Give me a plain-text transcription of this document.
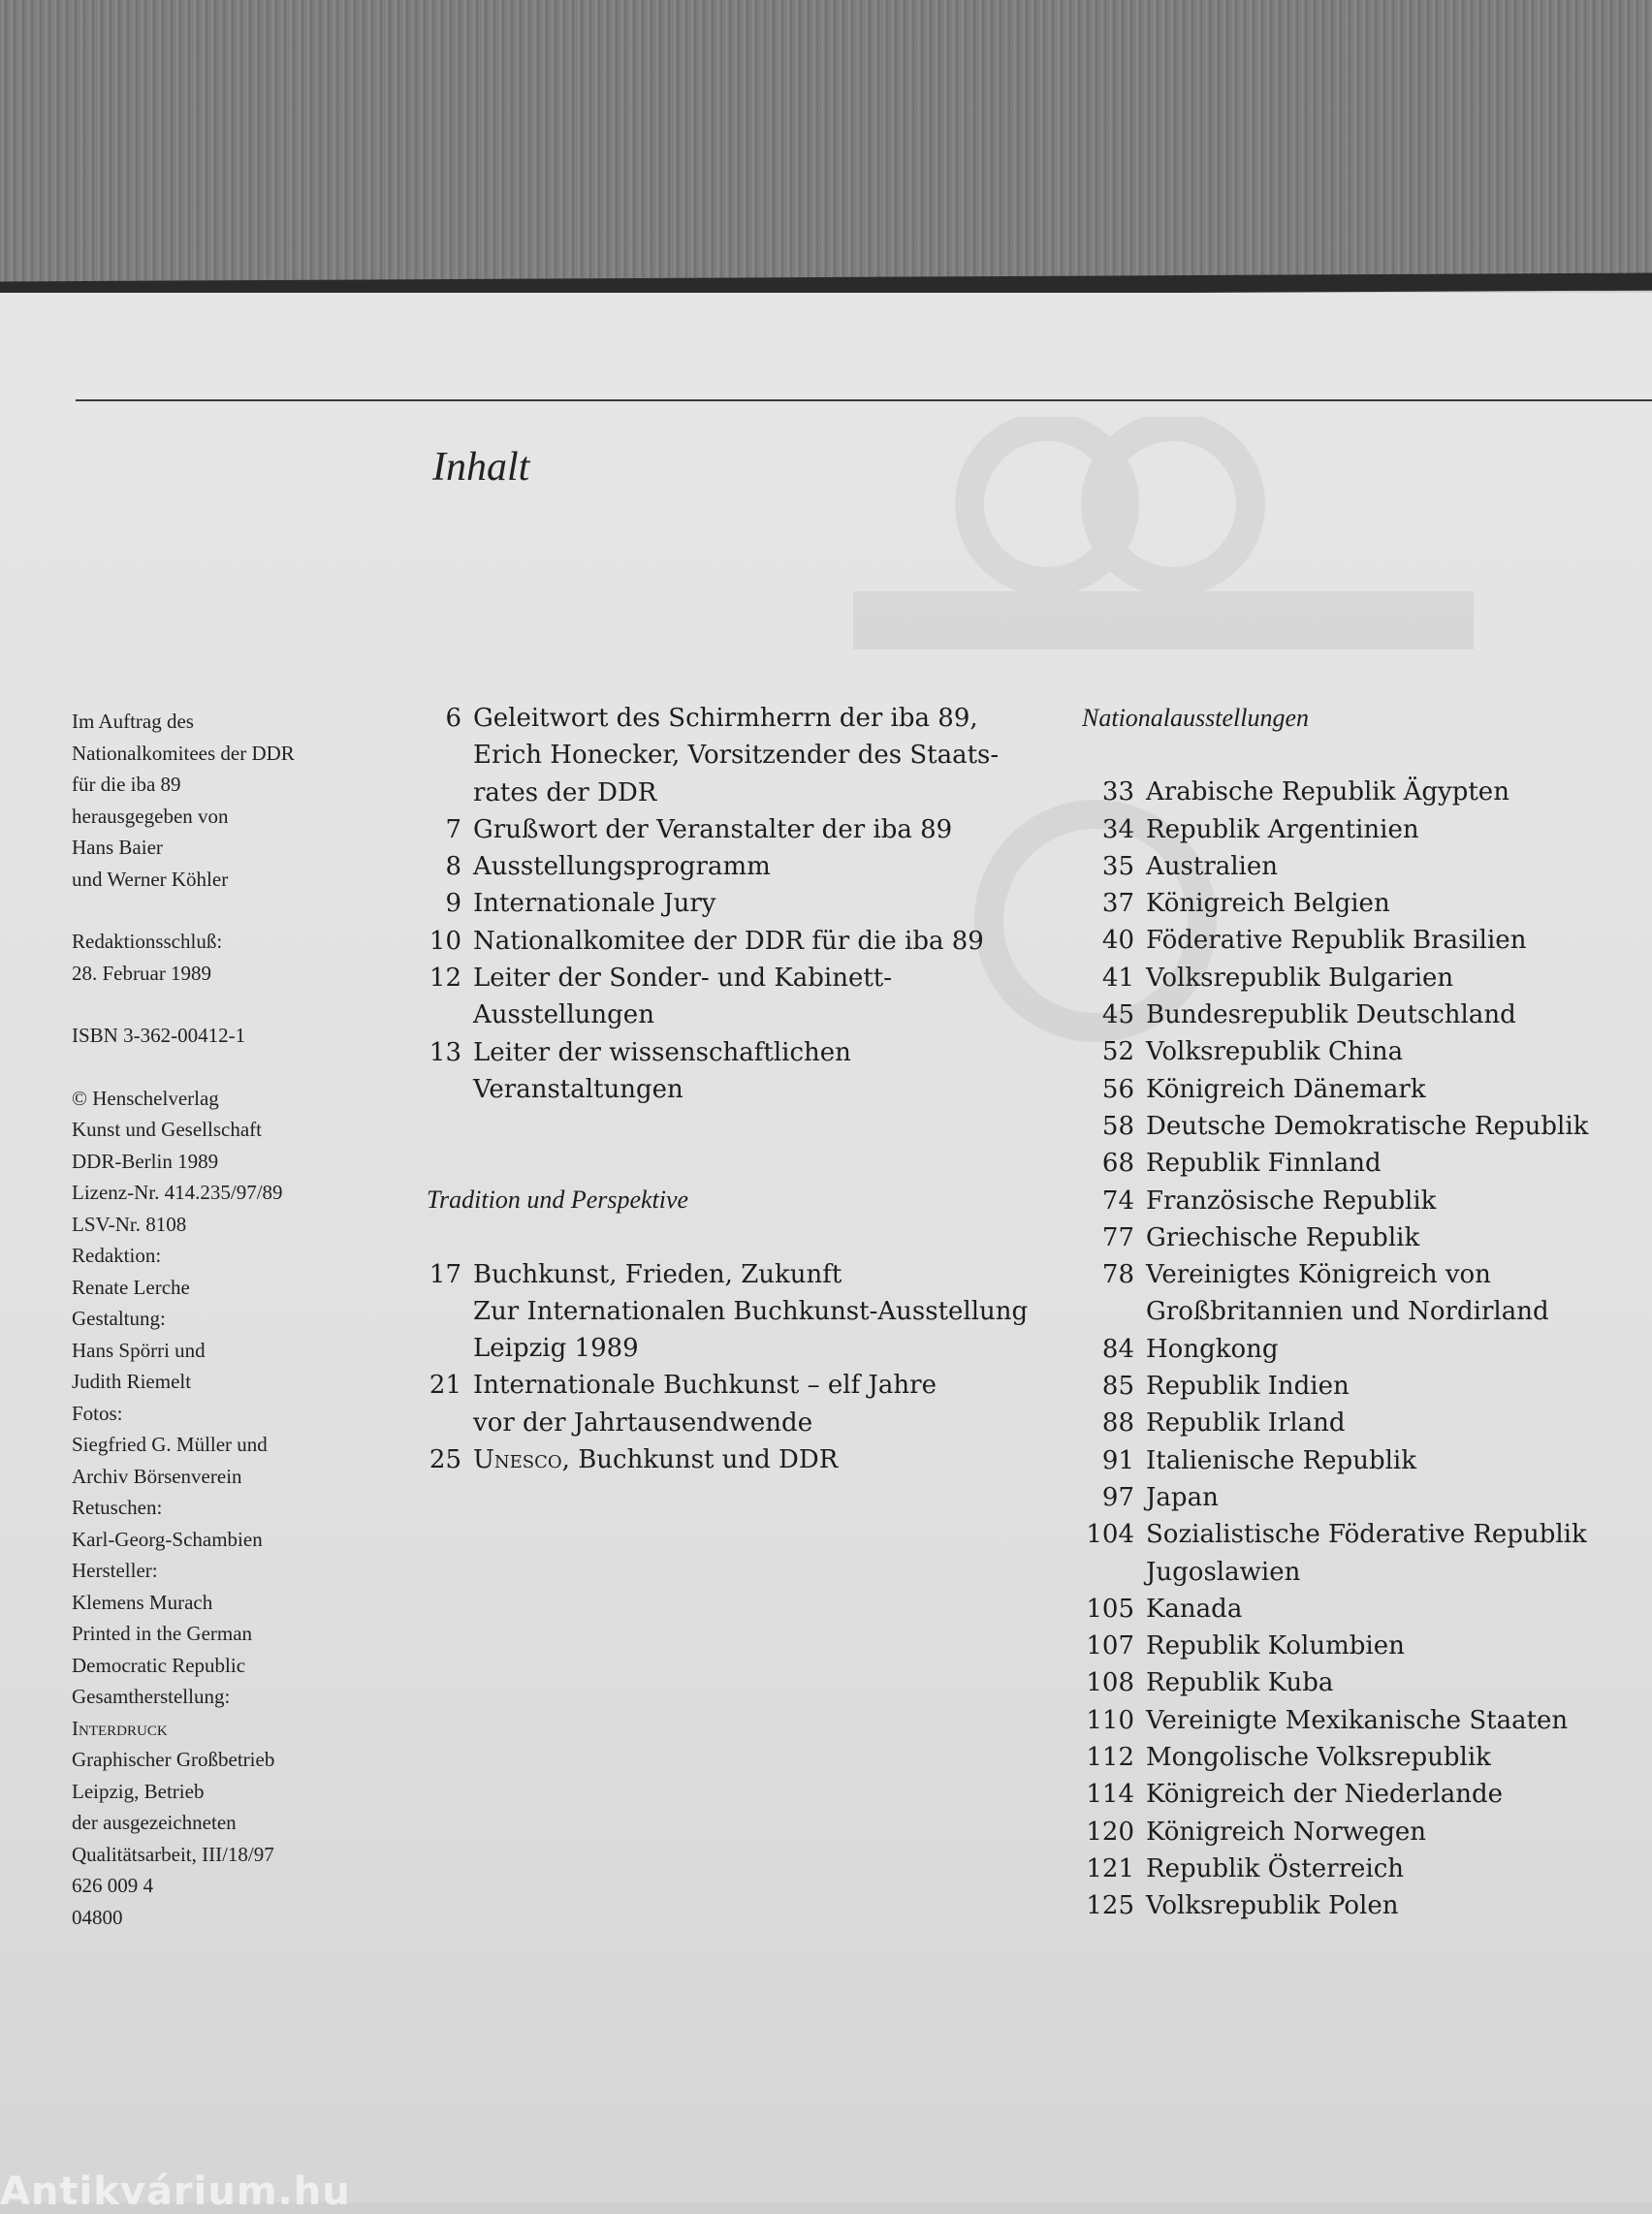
Inhalt

Im Auftrag des
Nationalkomitees der DDR
für die iba 89
herausgegeben von
Hans Baier
und Werner Köhler

Redaktionsschluß:
28. Februar 1989

ISBN 3-362-00412-1

© Henschelverlag
Kunst und Gesellschaft
DDR-Berlin 1989
Lizenz-Nr. 414.235/97/89
LSV-Nr. 8108
Redaktion:
Renate Lerche
Gestaltung:
Hans Spörri und
Judith Riemelt
Fotos:
Siegfried G. Müller und
Archiv Börsenverein
Retuschen:
Karl-Georg-Schambien
Hersteller:
Klemens Murach
Printed in the German
Democratic Republic
Gesamtherstellung:
Interdruck
Graphischer Großbetrieb
Leipzig, Betrieb
der ausgezeichneten
Qualitätsarbeit, III/18/97
626 009 4
04800

6 Geleitwort des Schirmherrn der iba 89,
Erich Honecker, Vorsitzender des Staats-
rates der DDR
7 Grußwort der Veranstalter der iba 89
8 Ausstellungsprogramm
9 Internationale Jury
10 Nationalkomitee der DDR für die iba 89
12 Leiter der Sonder- und Kabinett-
Ausstellungen
13 Leiter der wissenschaftlichen
Veranstaltungen
Tradition und Perspektive
17 Buchkunst, Frieden, Zukunft
Zur Internationalen Buchkunst-Ausstellung
Leipzig 1989
21 Internationale Buchkunst – elf Jahre
vor der Jahrtausendwende
25 Unesco, Buchkunst und DDR
Nationalausstellungen
33 Arabische Republik Ägypten
34 Republik Argentinien
35 Australien
37 Königreich Belgien
40 Föderative Republik Brasilien
41 Volksrepublik Bulgarien
45 Bundesrepublik Deutschland
52 Volksrepublik China
56 Königreich Dänemark
58 Deutsche Demokratische Republik
68 Republik Finnland
74 Französische Republik
77 Griechische Republik
78 Vereinigtes Königreich von
Großbritannien und Nordirland
84 Hongkong
85 Republik Indien
88 Republik Irland
91 Italienische Republik
97 Japan
104 Sozialistische Föderative Republik
Jugoslawien
105 Kanada
107 Republik Kolumbien
108 Republik Kuba
110 Vereinigte Mexikanische Staaten
112 Mongolische Volksrepublik
114 Königreich der Niederlande
120 Königreich Norwegen
121 Republik Österreich
125 Volksrepublik Polen
Antikvárium.hu
